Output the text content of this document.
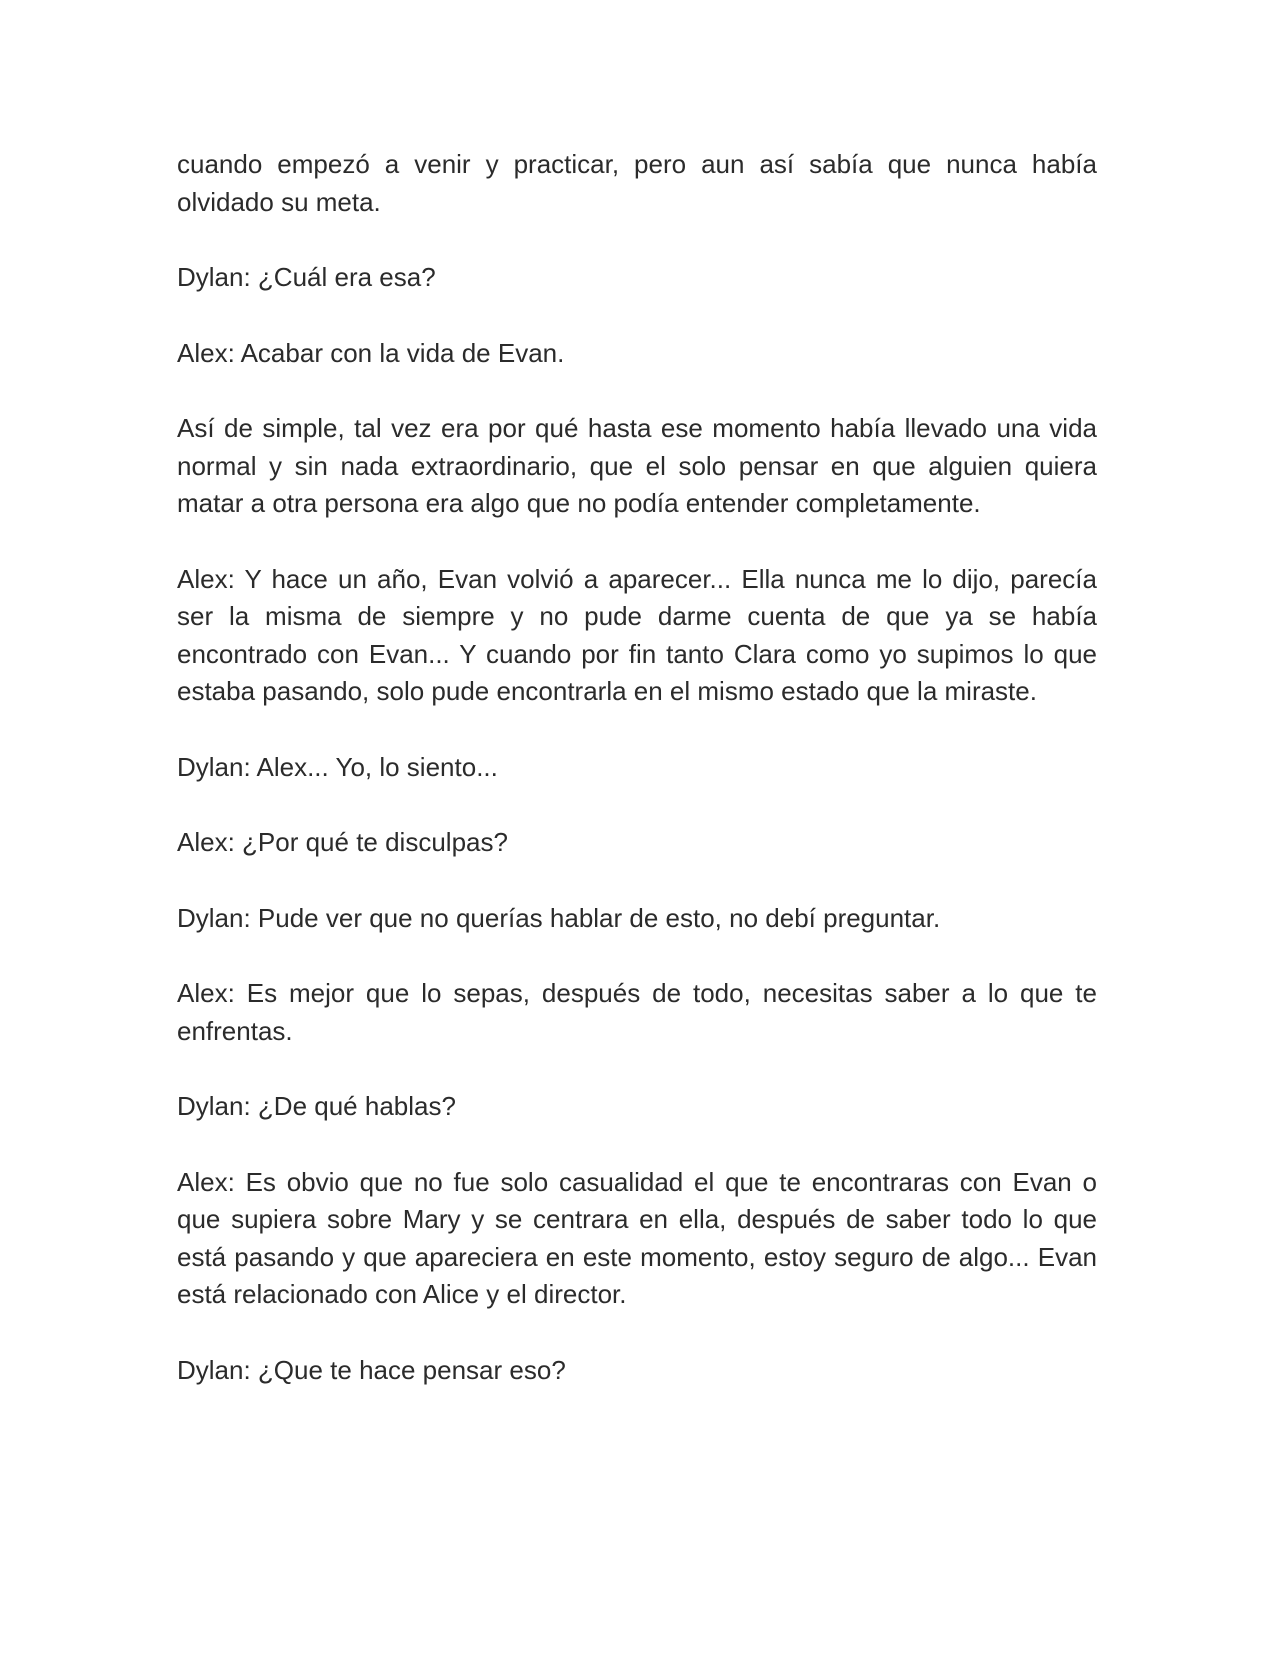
cuando empezó a venir y practicar, pero aun así sabía que nunca había olvidado su meta.

Dylan: ¿Cuál era esa?

Alex: Acabar con la vida de Evan.

Así de simple, tal vez era por qué hasta ese momento había llevado una vida normal y sin nada extraordinario, que el solo pensar en que alguien quiera matar a otra persona era algo que no podía entender completamente.

Alex: Y hace un año, Evan volvió a aparecer... Ella nunca me lo dijo, parecía ser la misma de siempre y no pude darme cuenta de que ya se había encontrado con Evan... Y cuando por fin tanto Clara como yo supimos lo que estaba pasando, solo pude encontrarla en el mismo estado que la miraste.

Dylan: Alex... Yo, lo siento...

Alex: ¿Por qué te disculpas?

Dylan: Pude ver que no querías hablar de esto, no debí preguntar.

Alex: Es mejor que lo sepas, después de todo, necesitas saber a lo que te enfrentas.

Dylan: ¿De qué hablas?

Alex: Es obvio que no fue solo casualidad el que te encontraras con Evan o que supiera sobre Mary y se centrara en ella, después de saber todo lo que está pasando y que apareciera en este momento, estoy seguro de algo... Evan está relacionado con Alice y el director.

Dylan: ¿Que te hace pensar eso?
